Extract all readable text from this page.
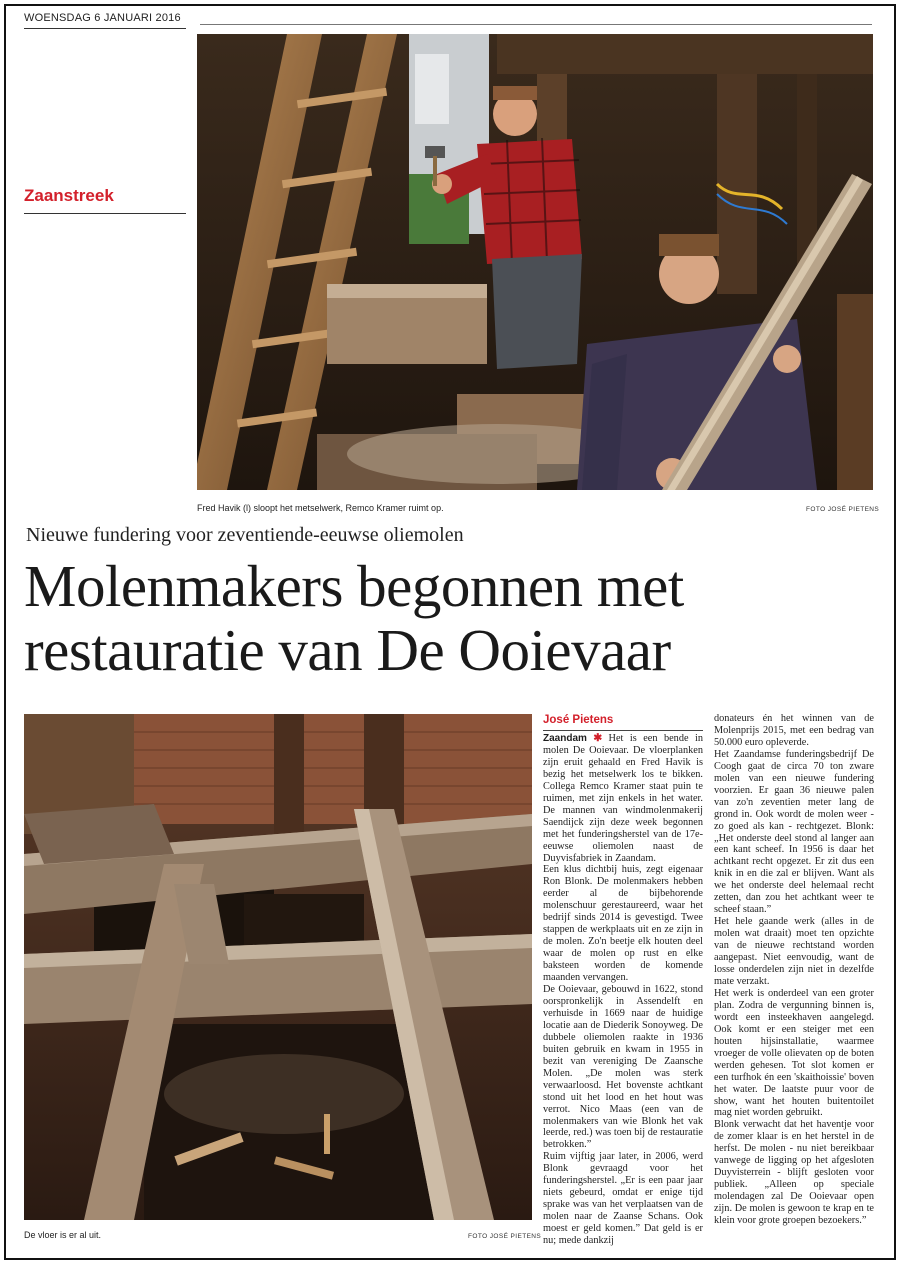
WOENSDAG 6 JANUARI 2016
Zaanstreek
Fred Havik (l) sloopt het metselwerk, Remco Kramer ruimt op.	FOTO JOSÉ PIETENS
Nieuwe fundering voor zeventiende-eeuwse oliemolen
Molenmakers begonnen met
restauratie van De Ooievaar
De vloer is er al uit.	FOTO JOSÉ PIETENS
José Pietens

Zaandam ✱ Het is een bende in molen De Ooievaar. De vloerplanken zijn eruit gehaald en Fred Havik is bezig het metselwerk los te bikken. Collega Remco Kramer staat puin te ruimen, met zijn enkels in het water. De mannen van windmolenmakerij Saendijck zijn deze week begonnen met het funderingsherstel van de 17e-eeuwse oliemolen naast de Duyvisfabriek in Zaandam.

Een klus dichtbij huis, zegt eigenaar Ron Blonk. De molenmakers hebben eerder al de bijbehorende molenschuur gerestaureerd, waar het bedrijf sinds 2014 is gevestigd. Twee stappen de werkplaats uit en ze zijn in de molen. Zo'n beetje elk houten deel waar de molen op rust en elke baksteen worden de komende maanden vervangen.

De Ooievaar, gebouwd in 1622, stond oorspronkelijk in Assendelft en verhuisde in 1669 naar de huidige locatie aan de Diederik Sonoyweg. De dubbele oliemolen raakte in 1936 buiten gebruik en kwam in 1955 in bezit van vereniging De Zaansche Molen. „De molen was sterk verwaarloosd. Het bovenste achtkant stond uit het lood en het hout was verrot. Nico Maas (een van de molenmakers van wie Blonk het vak leerde, red.) was toen bij de restauratie betrokken.”

Ruim vijftig jaar later, in 2006, werd Blonk gevraagd voor het funderingsherstel. „Er is een paar jaar niets gebeurd, omdat er enige tijd sprake was van het verplaatsen van de molen naar de Zaanse Schans. Ook moest er geld komen.” Dat geld is er nu; mede dankzij

donateurs én het winnen van de Molenprijs 2015, met een bedrag van 50.000 euro opleverde.

Het Zaandamse funderingsbedrijf De Coogh gaat de circa 70 ton zware molen van een nieuwe fundering voorzien. Er gaan 36 nieuwe palen van zo'n zeventien meter lang de grond in. Ook wordt de molen weer - zo goed als kan - rechtgezet. Blonk: „Het onderste deel stond al langer aan een kant scheef. In 1956 is daar het achtkant recht opgezet. Er zit dus een knik in en die zal er blijven. Want als we het onderste deel helemaal recht zetten, dan zou het achtkant weer te scheef staan.”

Het hele gaande werk (alles in de molen wat draait) moet ten opzichte van de nieuwe rechtstand worden aangepast. Niet eenvoudig, want de losse onderdelen zijn niet in dezelfde mate verzakt.

Het werk is onderdeel van een groter plan. Zodra de vergunning binnen is, wordt een insteekhaven aangelegd. Ook komt er een steiger met een houten hijsinstallatie, waarmee vroeger de volle olievaten op de boten werden gehesen. Tot slot komen er een turfhok én een 'skaithoissie' boven het water. De laatste puur voor de show, want het houten buitentoilet mag niet worden gebruikt.

Blonk verwacht dat het haventje voor de zomer klaar is en het herstel in de herfst. De molen - nu niet bereikbaar vanwege de ligging op het afgesloten Duyvisterrein - blijft gesloten voor publiek. „Alleen op speciale molendagen zal De Ooievaar open zijn. De molen is gewoon te krap en te klein voor grote groepen bezoekers.”
